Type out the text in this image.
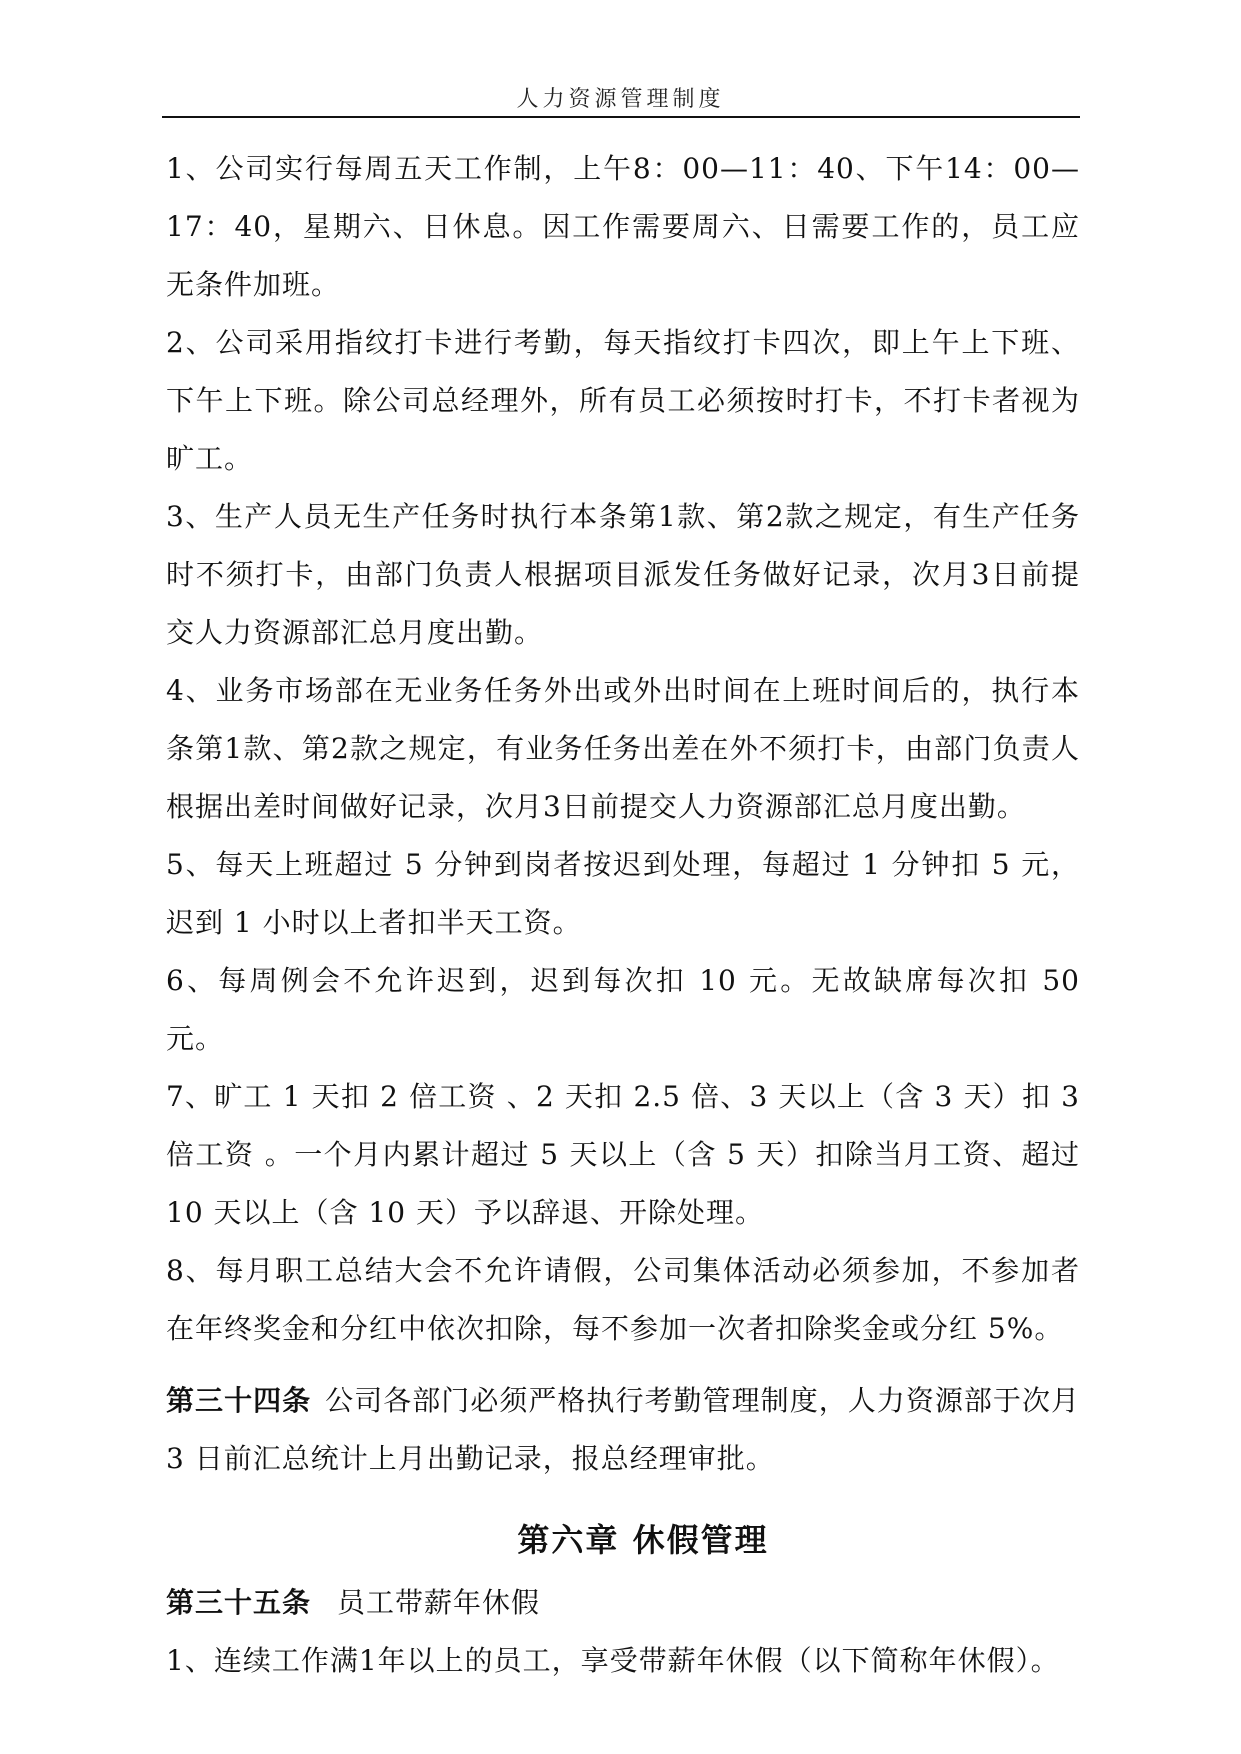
人力资源管理制度

1、公司实行每周五天工作制，上午8：00—11：40、下午14：00—17：40，星期六、日休息。因工作需要周六、日需要工作的，员工应无条件加班。

2、公司采用指纹打卡进行考勤，每天指纹打卡四次，即上午上下班、下午上下班。除公司总经理外，所有员工必须按时打卡，不打卡者视为旷工。

3、生产人员无生产任务时执行本条第1款、第2款之规定，有生产任务时不须打卡，由部门负责人根据项目派发任务做好记录，次月3日前提交人力资源部汇总月度出勤。

4、业务市场部在无业务任务外出或外出时间在上班时间后的，执行本条第1款、第2款之规定，有业务任务出差在外不须打卡，由部门负责人根据出差时间做好记录，次月3日前提交人力资源部汇总月度出勤。

5、每天上班超过 5 分钟到岗者按迟到处理，每超过 1 分钟扣 5 元，迟到 1 小时以上者扣半天工资。

6、每周例会不允许迟到，迟到每次扣 10 元。无故缺席每次扣 50 元。

7、旷工 1 天扣 2 倍工资 、2 天扣 2.5 倍、3 天以上（含 3 天）扣 3 倍工资 。一个月内累计超过 5 天以上（含 5 天）扣除当月工资、超过 10 天以上（含 10 天）予以辞退、开除处理。

8、每月职工总结大会不允许请假，公司集体活动必须参加，不参加者在年终奖金和分红中依次扣除，每不参加一次者扣除奖金或分红 5%。

第三十四条 公司各部门必须严格执行考勤管理制度，人力资源部于次月 3 日前汇总统计上月出勤记录，报总经理审批。

第六章 休假管理

第三十五条 员工带薪年休假

1、连续工作满1年以上的员工，享受带薪年休假（以下简称年休假）。
